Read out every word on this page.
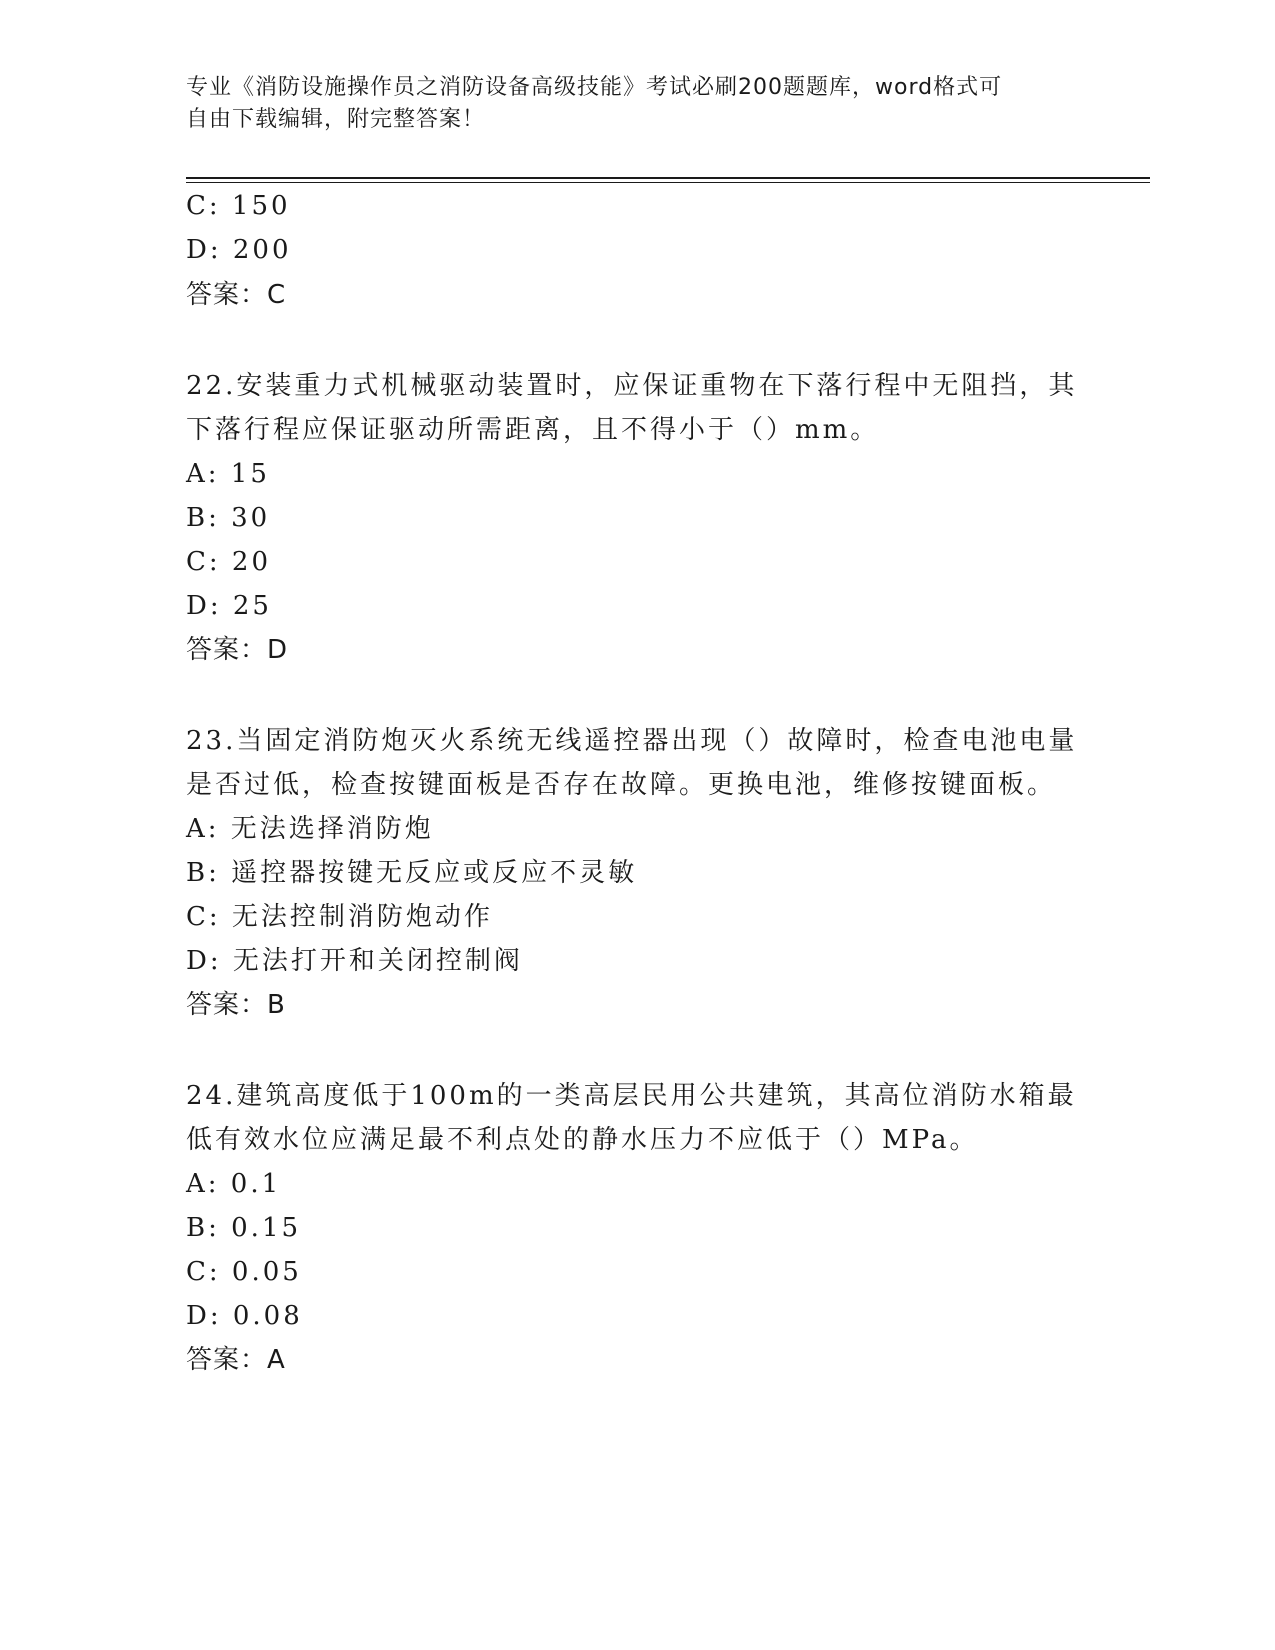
专业《消防设施操作员之消防设备高级技能》考试必刷200题题库，word格式可
自由下载编辑，附完整答案！
C: 150
D: 200
答案：C
22.安装重力式机械驱动装置时，应保证重物在下落行程中无阻挡，其
下落行程应保证驱动所需距离，且不得小于（）mm。
A: 15
B: 30
C: 20
D: 25
答案：D
23.当固定消防炮灭火系统无线遥控器出现（）故障时，检查电池电量
是否过低，检查按键面板是否存在故障。更换电池，维修按键面板。
A: 无法选择消防炮
B: 遥控器按键无反应或反应不灵敏
C: 无法控制消防炮动作
D: 无法打开和关闭控制阀
答案：B
24.建筑高度低于100m的一类高层民用公共建筑，其高位消防水箱最
低有效水位应满足最不利点处的静水压力不应低于（）MPa。
A: 0.1
B: 0.15
C: 0.05
D: 0.08
答案：A
